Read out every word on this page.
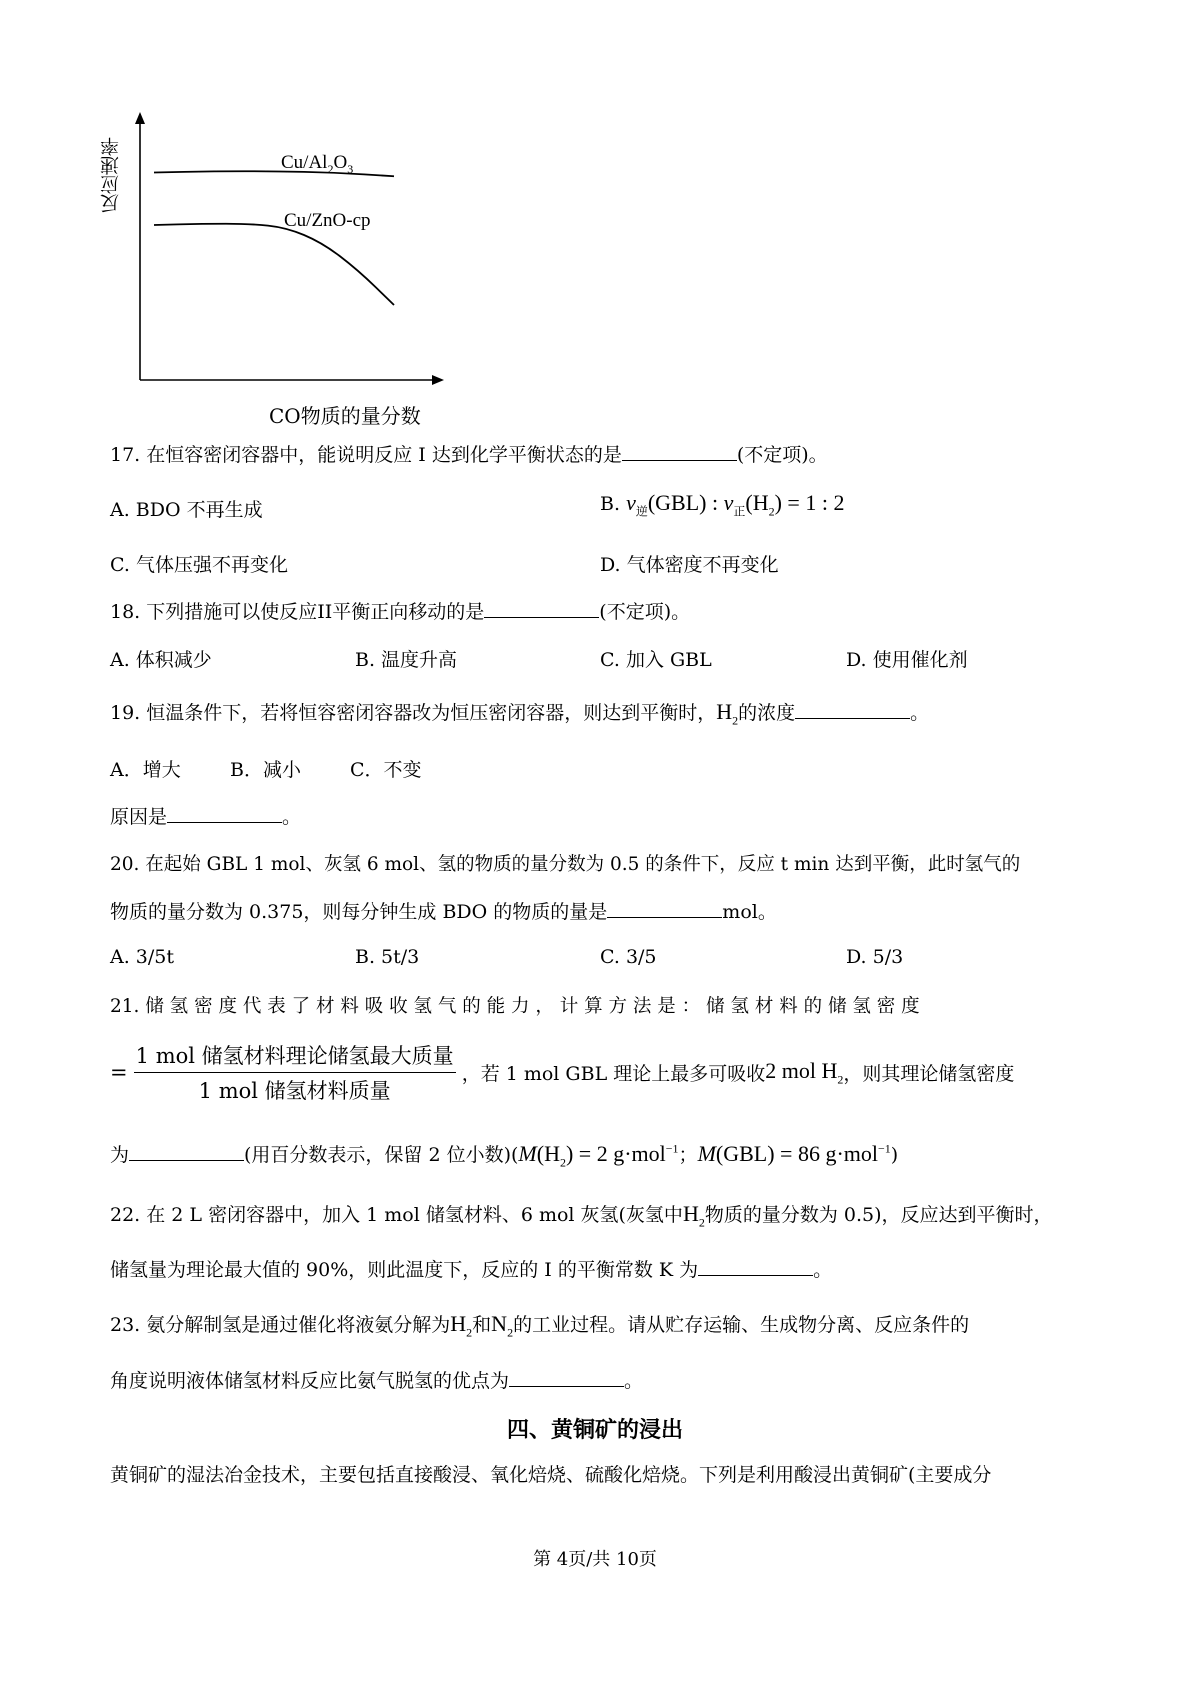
$Cu/Al_2O_3$
Cu/ZnO-cp
反应速率
CO物质的量分数
17. 在恒容密闭容器中，能说明反应 I 达到化学平衡状态的是	(不定项)。
A. BDO 不再生成	B. $v_逆(GBL)$ : $v_正(H_2) = 1$ : 2
C. 气体压强不再变化	D. 气体密度不再变化
18. 下列措施可以使反应II平衡正向移动的是	(不定项)。
A. 体积减少	B. 温度升高	C. 加入 GBL	D. 使用催化剂
19. 恒温条件下，若将恒容密闭容器改为恒压密闭容器，则达到平衡时，$H_2$的浓度	。
A．增大	B．减小	C．不变
原因是	。
20. 在起始 GBL 1 mol、灰氢 6 mol、氢的物质的量分数为 0.5 的条件下，反应 t min 达到平衡，此时氢气的
物质的量分数为 0.375，则每分钟生成 BDO 的物质的量是	mol。
A. 3/5t	B. 5t/3	C. 3/5	D. 5/3
21. 储 氢 密 度 代 表 了 材 料 吸 收 氢 气 的 能 力 ， 计 算 方 法 是 ： 储 氢 材 料 的 储 氢 密 度
= $\frac{\text{1 mol 储氢材料理论储氢最大质量}}{\text{1 mol 储氢材料质量}}$ ，若 1 mol GBL 理论上最多可吸收2 mol $H_2$，则其理论储氢密度
为	(用百分数表示，保留 2 位小数)($M(H_2) = 2$ g·mol$^{-1}$；M(GBL) = 86 g·mol$^{-1}$)
22. 在 2 L 密闭容器中，加入 1 mol 储氢材料、6 mol 灰氢(灰氢中$H_2$物质的量分数为 0.5)，反应达到平衡时，
储氢量为理论最大值的 90%，则此温度下，反应的 I 的平衡常数 K 为	。
23. 氨分解制氢是通过催化将液氨分解为$H_2$和$N_2$的工业过程。请从贮存运输、生成物分离、反应条件的
角度说明液体储氢材料反应比氨气脱氢的优点为	。
四、黄铜矿的浸出
黄铜矿的湿法冶金技术，主要包括直接酸浸、氧化焙烧、硫酸化焙烧。下列是利用酸浸出黄铜矿(主要成分
第 4页/共 10页
